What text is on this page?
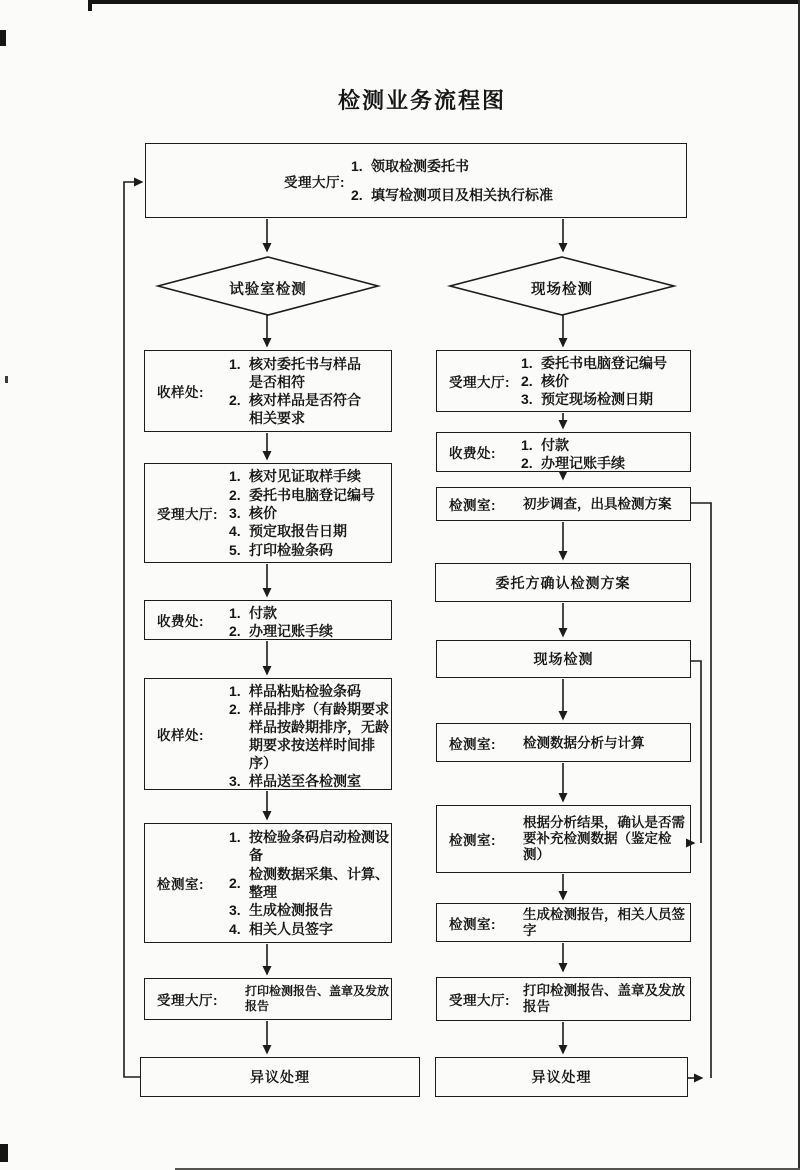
检测业务流程图
受理大厅:
1. 领取检测委托书
2. 填写检测项目及相关执行标准
试验室检测	现场检测
收样处:
1. 核对委托书与样品是否相符
2. 核对样品是否符合相关要求
受理大厅:
1. 核对见证取样手续
2. 委托书电脑登记编号
3. 核价
4. 预定取报告日期
5. 打印检验条码
收费处:
1. 付款
2. 办理记账手续
收样处:
1. 样品粘贴检验条码
2. 样品排序（有龄期要求样品按龄期排序，无龄期要求按送样时间排序）
3. 样品送至各检测室
检测室:
1. 按检验条码启动检测设备
2.
检测数据采集、计算、整理
3. 生成检测报告
4. 相关人员签字
受理大厅:
打印检测报告、盖章及发放报告
异议处理
受理大厅:
1. 委托书电脑登记编号
2. 核价
3. 预定现场检测日期
收费处:
1. 付款
2. 办理记账手续
检测室: 初步调查，出具检测方案
委托方确认检测方案
现场检测
检测室: 检测数据分析与计算
检测室:
根据分析结果，确认是否需要补充检测数据（鉴定检测）
检测室:
生成检测报告，相关人员签字
受理大厅:
打印检测报告、盖章及发放报告
异议处理
